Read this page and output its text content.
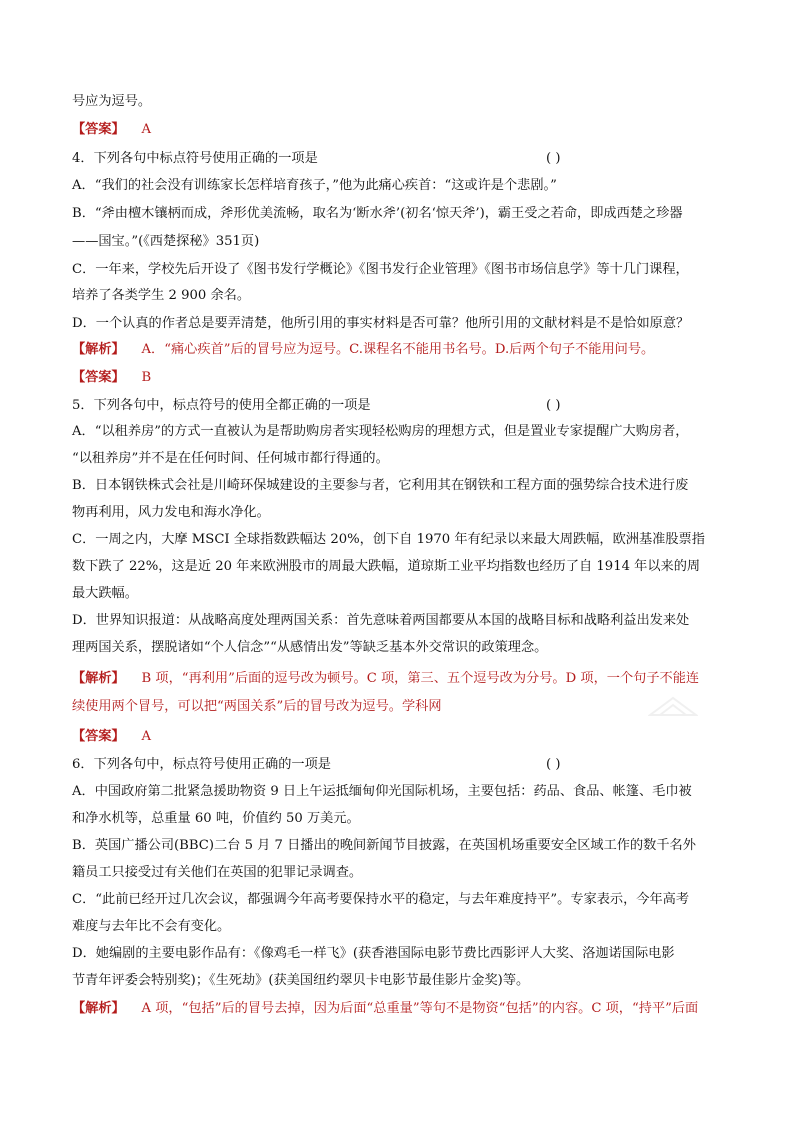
号应为逗号。
【答案】 A
4．下列各句中标点符号使用正确的一项是	( )
A．“我们的社会没有训练家长怎样培育孩子，”他为此痛心疾首：“这或许是个悲剧。”
B．“斧由檀木镶柄而成，斧形优美流畅，取名为‘断水斧’(初名‘惊天斧’)，霸王受之若命，即成西楚之珍器
——国宝。”(《西楚探秘》351页)
C．一年来，学校先后开设了《图书发行学概论》《图书发行企业管理》《图书市场信息学》等十几门课程，
培养了各类学生 2 900 余名。
D．一个认真的作者总是要弄清楚，他所引用的事实材料是否可靠？他所引用的文献材料是不是恰如原意？
【解析】 A．“痛心疾首”后的冒号应为逗号。C.课程名不能用书名号。D.后两个句子不能用问号。
【答案】 B
5．下列各句中，标点符号的使用全都正确的一项是	( )
A．“以租养房”的方式一直被认为是帮助购房者实现轻松购房的理想方式，但是置业专家提醒广大购房者，
“以租养房”并不是在任何时间、任何城市都行得通的。
B．日本钢铁株式会社是川崎环保城建设的主要参与者，它利用其在钢铁和工程方面的强势综合技术进行废
物再利用，风力发电和海水净化。
C．一周之内，大摩 MSCI 全球指数跌幅达 20%，创下自 1970 年有纪录以来最大周跌幅，欧洲基准股票指
数下跌了 22%，这是近 20 年来欧洲股市的周最大跌幅，道琼斯工业平均指数也经历了自 1914 年以来的周
最大跌幅。
D．世界知识报道：从战略高度处理两国关系：首先意味着两国都要从本国的战略目标和战略利益出发来处
理两国关系，摆脱诸如“个人信念”“从感情出发”等缺乏基本外交常识的政策理念。
【解析】 B 项，“再利用”后面的逗号改为顿号。C 项，第三、五个逗号改为分号。D 项，一个句子不能连
续使用两个冒号，可以把“两国关系”后的冒号改为逗号。学科网
【答案】 A
6．下列各句中，标点符号使用正确的一项是	( )
A．中国政府第二批紧急援助物资 9 日上午运抵缅甸仰光国际机场，主要包括：药品、食品、帐篷、毛巾被
和净水机等，总重量 60 吨，价值约 50 万美元。
B．英国广播公司(BBC)二台 5 月 7 日播出的晚间新闻节目披露，在英国机场重要安全区域工作的数千名外
籍员工只接受过有关他们在英国的犯罪记录调查。
C．“此前已经开过几次会议，都强调今年高考要保持水平的稳定，与去年难度持平”。专家表示，今年高考
难度与去年比不会有变化。
D．她编剧的主要电影作品有：《像鸡毛一样飞》(获香港国际电影节费比西影评人大奖、洛迦诺国际电影
节青年评委会特别奖)；《生死劫》(获美国纽约翠贝卡电影节最佳影片金奖)等。
【解析】 A 项，“包括”后的冒号去掉，因为后面“总重量”等句不是物资“包括”的内容。C 项，“持平”后面
